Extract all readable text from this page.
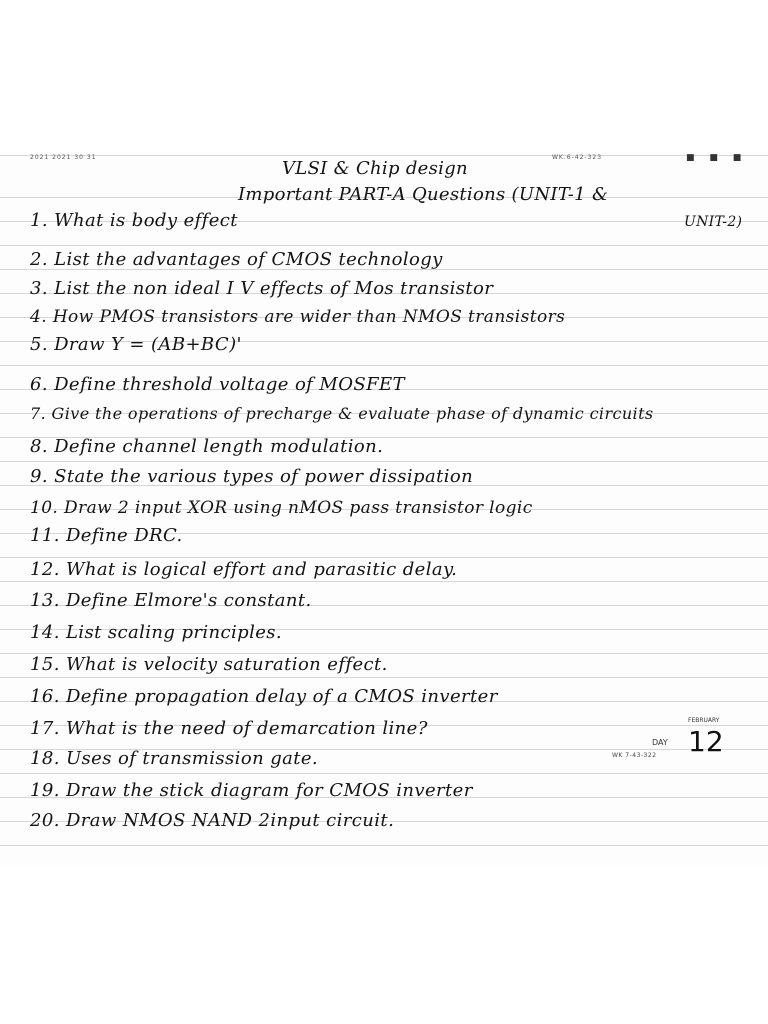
2021 2021 30 31	WK.6-42-323	■ ■ ■
VLSI & Chip design
Important PART-A Questions (UNIT-1 &
UNIT-2)
1. What is body effect
2. List the advantages of CMOS technology
3. List the non ideal I V effects of Mos transistor
4. How PMOS transistors are wider than NMOS transistors
5. Draw Y = (AB+BC)'
6. Define threshold voltage of MOSFET
7. Give the operations of precharge & evaluate phase of dynamic circuits
8. Define channel length modulation.
9. State the various types of power dissipation
10. Draw 2 input XOR using nMOS pass transistor logic
11. Define DRC.
12. What is logical effort and parasitic delay.
13. Define Elmore's constant.
14. List scaling principles.
15. What is velocity saturation effect.
16. Define propagation delay of a CMOS inverter
17. What is the need of demarcation line?
18. Uses of transmission gate.
19. Draw the stick diagram for CMOS inverter
20. Draw NMOS NAND 2input circuit.
FEBRUARY
12
DAY
WK 7-43-322
